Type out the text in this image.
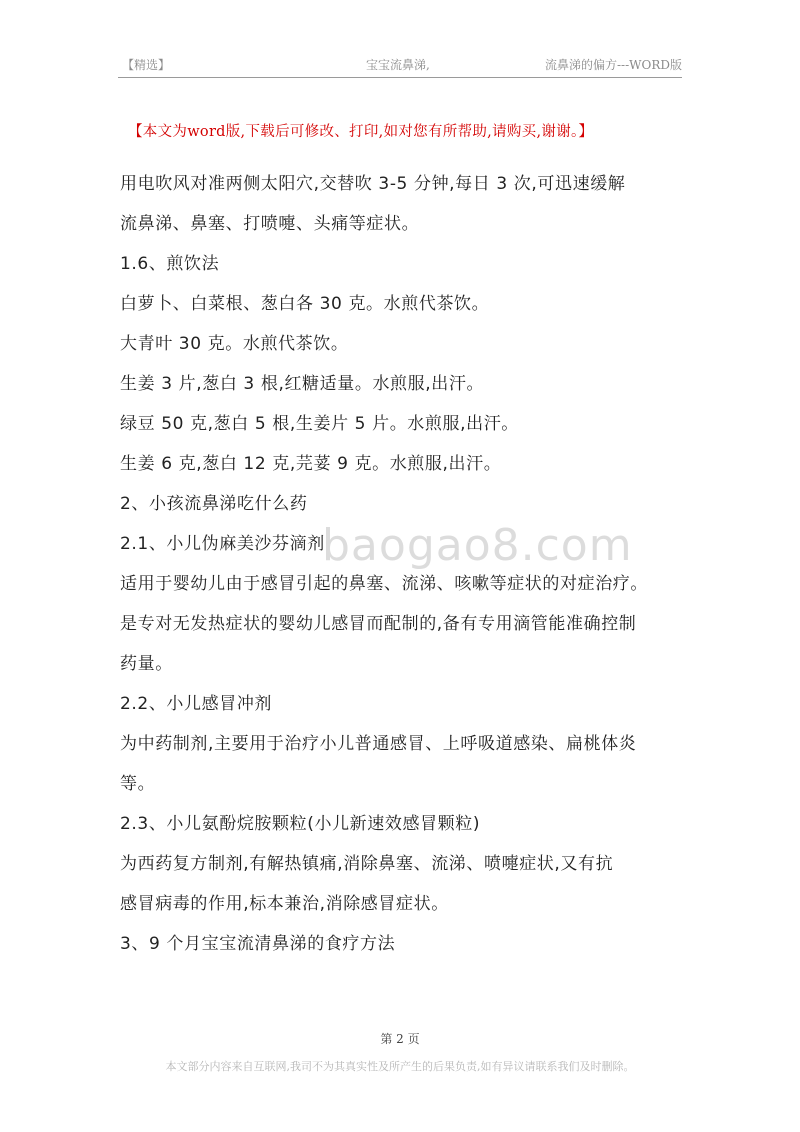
【精选】	宝宝流鼻涕,	流鼻涕的偏方---WORD版
【本文为word版,下载后可修改、打印,如对您有所帮助,请购买,谢谢。】
baogao8.com

用电吹风对准两侧太阳穴,交替吹 3-5 分钟,每日 3 次,可迅速缓解

流鼻涕、鼻塞、打喷嚏、头痛等症状。

1.6、煎饮法

白萝卜、白菜根、葱白各 30 克。水煎代茶饮。

大青叶 30 克。水煎代茶饮。

生姜 3 片,葱白 3 根,红糖适量。水煎服,出汗。

绿豆 50 克,葱白 5 根,生姜片 5 片。水煎服,出汗。

生姜 6 克,葱白 12 克,芫荽 9 克。水煎服,出汗。

2、小孩流鼻涕吃什么药

2.1、小儿伪麻美沙芬滴剂

适用于婴幼儿由于感冒引起的鼻塞、流涕、咳嗽等症状的对症治疗。

是专对无发热症状的婴幼儿感冒而配制的,备有专用滴管能准确控制

药量。

2.2、小儿感冒冲剂

为中药制剂,主要用于治疗小儿普通感冒、上呼吸道感染、扁桃体炎

等。

2.3、小儿氨酚烷胺颗粒(小儿新速效感冒颗粒)

为西药复方制剂,有解热镇痛,消除鼻塞、流涕、喷嚏症状,又有抗

感冒病毒的作用,标本兼治,消除感冒症状。

3、9 个月宝宝流清鼻涕的食疗方法

第 2 页
本文部分内容来自互联网,我司不为其真实性及所产生的后果负责,如有异议请联系我们及时删除。
